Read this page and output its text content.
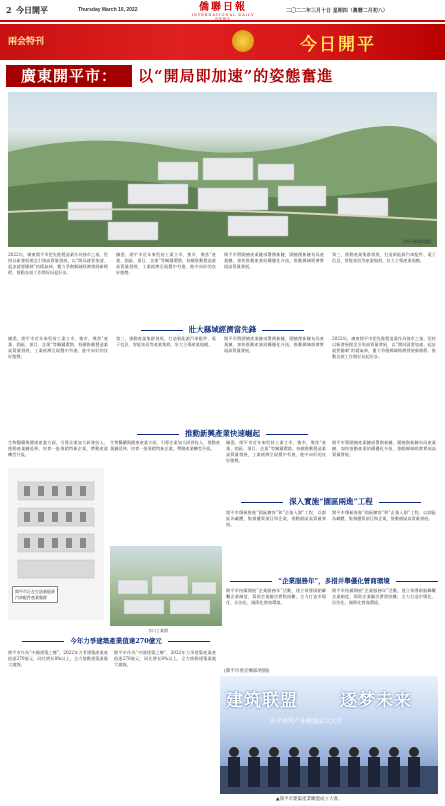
2 今日開平	Thursday March 10, 2022	僑聯日報
INTERNATIONAL DAILY NEWS
二〇二二年三月十日 星期四（農曆二月初八）
兩会特刊	今日開平
廣東開平市：	以“開局即加速”的姿態奮進
【開平融媒供圖】
2022年，廣東開平市把先進製造業作為強市之基，堅持以新發展理念引領高質量發展，以“開局就要加速、起步就要衝刺”的精氣神，奮力爭創縣域經濟發展新標桿，推動各項工作開好局起好步。
據悉，開平市近年來堅持工業立市、強市，聚焦“產業、園區、項目、企業”等關鍵環節，持續推動製造業高質量發展，工業經濟呈現穩中有進、進中向好的良好態勢。
開平市將圍繞產業鏈部署創新鏈，圍繞創新鏈布局產業鏈，加快推動產業結構優化升級，推動縣域經濟實現高質量發展。
第三，推動產業集群發展，打造新能源汽車配件、電子信息、智能家居等產業集群，壯大主導產業規模。
壯大縣域經濟當先鋒
據悉，開平市近年來堅持工業立市、強市，聚焦“產業、園區、項目、企業”等關鍵環節，持續推動製造業高質量發展，工業經濟呈現穩中有進、進中向好的良好態勢。
第三，推動產業集群發展，打造新能源汽車配件、電子信息、智能家居等產業集群，壯大主導產業規模。
開平市將圍繞產業鏈部署創新鏈，圍繞創新鏈布局產業鏈，加快推動產業結構優化升級，推動縣域經濟實現高質量發展。
2022年，廣東開平市把先進製造業作為強市之基，堅持以新發展理念引領高質量發展，以“開局就要加速、起步就要衝刺”的精氣神，奮力爭創縣域經濟發展新標桿，推動各項工作開好局起好步。
推動新興產業快速崛起
生物醫藥與健康產業方面，引導企業加大研發投入，推動產業鏈延伸，培育一批專精特新企業，帶動產業轉型升級。
開平市正在打造新能源汽車配件產業集群
生物醫藥與健康產業方面，引導企業加大研發投入，推動產業鏈延伸，培育一批專精特新企業，帶動產業轉型升級。
水口工業園
據悉，開平市近年來堅持工業立市、強市，聚焦“產業、園區、項目、企業”等關鍵環節，持續推動製造業高質量發展，工業經濟呈現穩中有進、進中向好的良好態勢。
開平市將圍繞產業鏈部署創新鏈，圍繞創新鏈布局產業鏈，加快推動產業結構優化升級，推動縣域經濟實現高質量發展。
深入實施“園區兩進”工程
開平市積極推進“園區擴容”和“企業入園”工程，以園區為載體，集聚優質項目和企業，推動園區高質量發展。
開平市積極推進“園區擴容”和“企業入園”工程，以園區為載體，集聚優質項目和企業，推動園區高質量發展。
“企業服務年”，多措并舉優化營商環境
開平市持續開展“企業服務年”活動，建立領導掛點聯繫企業制度，幫助企業解決實際困難，全力打造市場化、法治化、國際化營商環境。
開平市持續開展“企業服務年”活動，建立領導掛點聯繫企業制度，幫助企業解決實際困難，全力打造市場化、法治化、國際化營商環境。
今年力爭建築產業值達270億元
開平市作為“中國建築之鄉”，2022年力爭建築產業產值達270億元，同比增長8%以上，全力推動建築業做大做強。
開平市作為“中國建築之鄉”，2022年力爭建築產業產值達270億元，同比增長8%以上，全力推動建築業做大做強。
(開平市委宣傳部/供圖)
建筑联盟 逐梦未来
开平建筑产业联盟成立大会
▲開平市建築產業聯盟成立大會。
